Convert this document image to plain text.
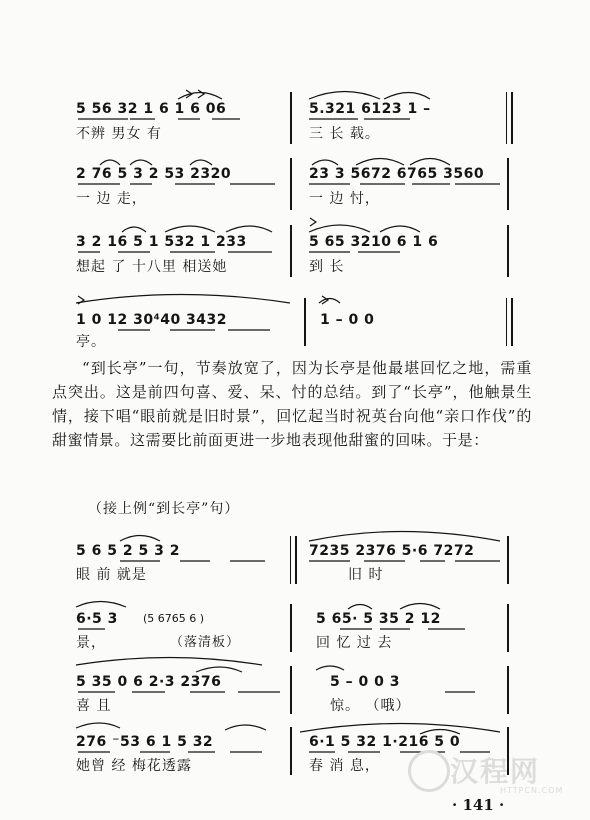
5 56 32 1 6 1 6 06
不辨 男女 有
5.321 6123 1 –
三 长 载。
2 76 5 3 2 53 2320
一 边 走，
23 3 5672 6765 3560
一 边 忖，
3 2 16 5 1 532 1 233
想起 了 十八里 相送她
5 65 3210 6 1 6
到 长
1 0 12 30⁴40 3432
亭。
1 – 0 0

“到长亭”一句，节奏放宽了，因为长亭是他最堪回忆之地，需重点突出。这是前四句喜、爱、呆、忖的总结。到了“长亭”，他触景生情，接下唱“眼前就是旧时景”，回忆起当时祝英台向他“亲口作伐”的甜蜜情景。这需要比前面更进一步地表现他甜蜜的回味。于是：

（接上例“到长亭”句）
5 6 5 2 5 3 2
眼 前 就是
7235 2376 5·6 7272
旧 时
6·5 3 (5 6765 6 )
景，	（落清板）
5 65· 5 35 2 12
回 忆 过 去
5 35 0 6 2·3 2376
喜 且
5 – 0 0 3
惊。 （哦）
276 ⁻53 6 1 5 32
她曾 经 梅花透露
6·1 5 32 1·216 5 0
春 消 息，
· 141 ·
汉程网
HTTPCN.COM
